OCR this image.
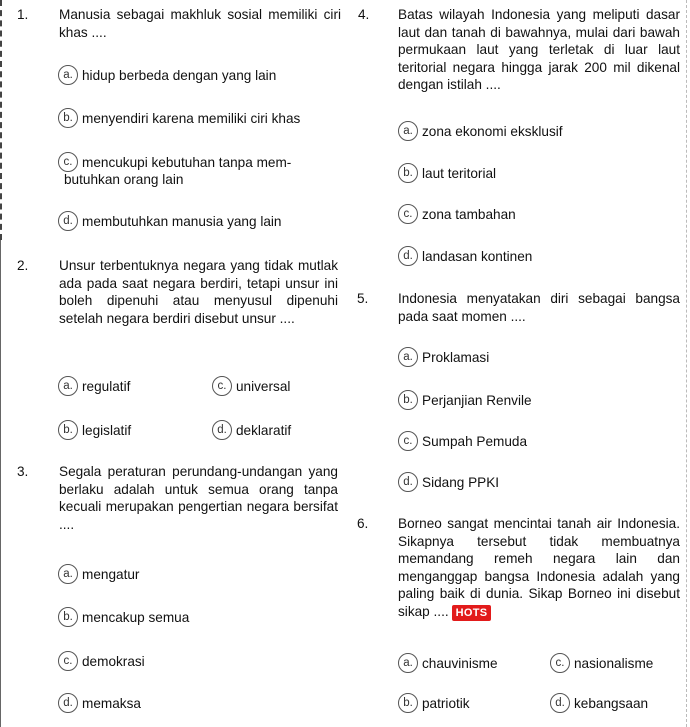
1. Manusia sebagai makhluk sosial memiliki ciri khas ....
a. hidup berbeda dengan yang lain
b. menyendiri karena memiliki ciri khas
c. mencukupi kebutuhan tanpa mem-
butuhkan orang lain
d. membutuhkan manusia yang lain
2. Unsur terbentuknya negara yang tidak mutlak ada pada saat negara berdiri, tetapi unsur ini boleh dipenuhi atau menyusul dipenuhi setelah negara berdiri disebut unsur ....
a. regulatif
b. legislatif
c. universal
d. deklaratif
3. Segala peraturan perundang-undangan yang berlaku adalah untuk semua orang tanpa kecuali merupakan pengertian negara bersifat ....
a. mengatur
b. mencakup semua
c. demokrasi
d. memaksa
4. Batas wilayah Indonesia yang meliputi dasar laut dan tanah di bawahnya, mulai dari bawah permukaan laut yang terletak di luar laut teritorial negara hingga jarak 200 mil dikenal dengan istilah ....
a. zona ekonomi eksklusif
b. laut teritorial
c. zona tambahan
d. landasan kontinen
5. Indonesia menyatakan diri sebagai bangsa pada saat momen ....
a. Proklamasi
b. Perjanjian Renvile
c. Sumpah Pemuda
d. Sidang PPKI
6. Borneo sangat mencintai tanah air Indonesia. Sikapnya tersebut tidak membuatnya memandang remeh negara lain dan menganggap bangsa Indonesia adalah yang paling baik di dunia. Sikap Borneo ini disebut sikap .... HOTS
a. chauvinisme
b. patriotik
c. nasionalisme
d. kebangsaan
